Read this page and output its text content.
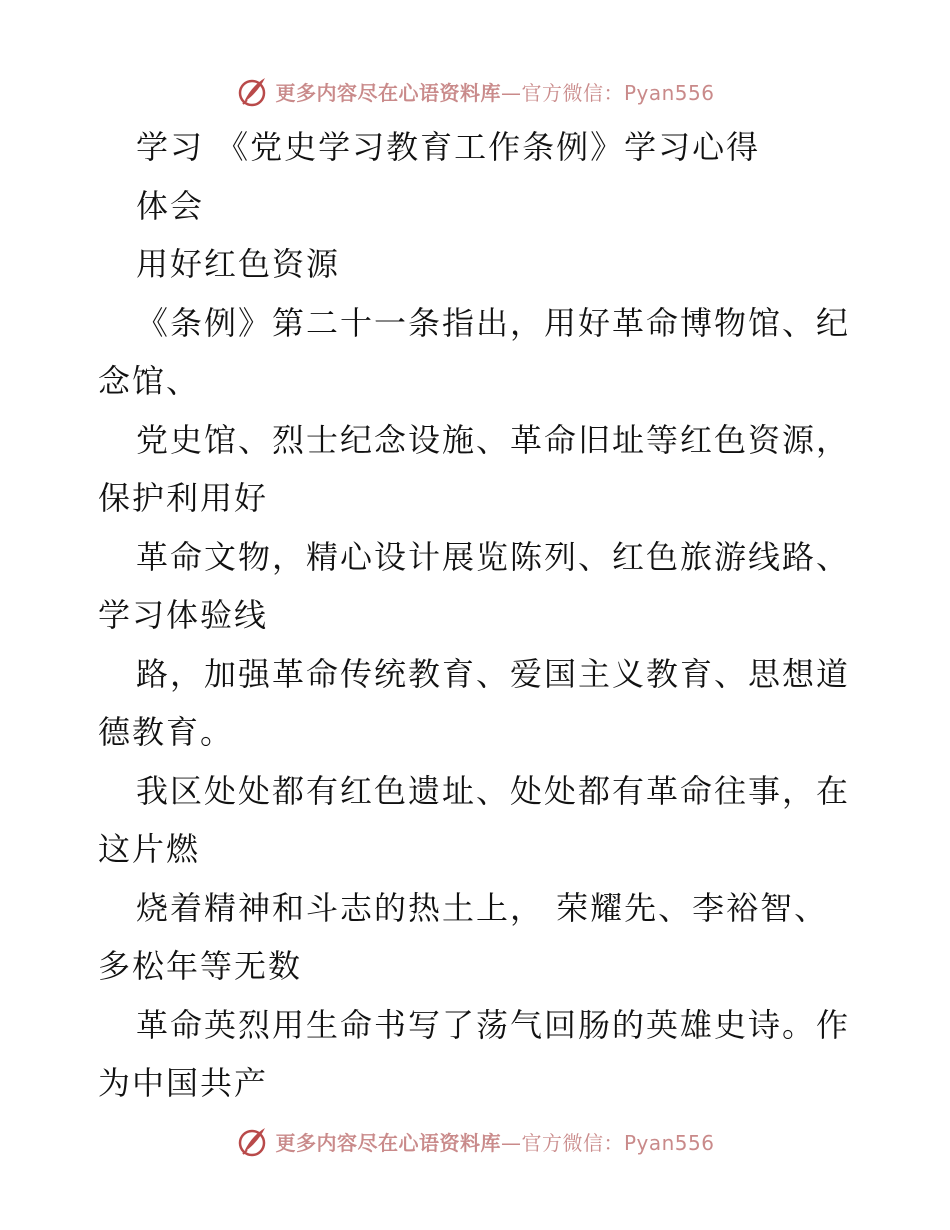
更多内容尽在心语资料库—官方微信：Pyan556
学习 《党史学习教育工作条例》学习心得
体会
用好红色资源
《条例》第二十一条指出，用好革命博物馆、纪
念馆、
党史馆、烈士纪念设施、革命旧址等红色资源，
保护利用好
革命文物，精心设计展览陈列、红色旅游线路、
学习体验线
路，加强革命传统教育、爱国主义教育、思想道
德教育。
我区处处都有红色遗址、处处都有革命往事，在
这片燃
烧着精神和斗志的热土上， 荣耀先、李裕智、
多松年等无数
革命英烈用生命书写了荡气回肠的英雄史诗。作
为中国共产
更多内容尽在心语资料库—官方微信：Pyan556
